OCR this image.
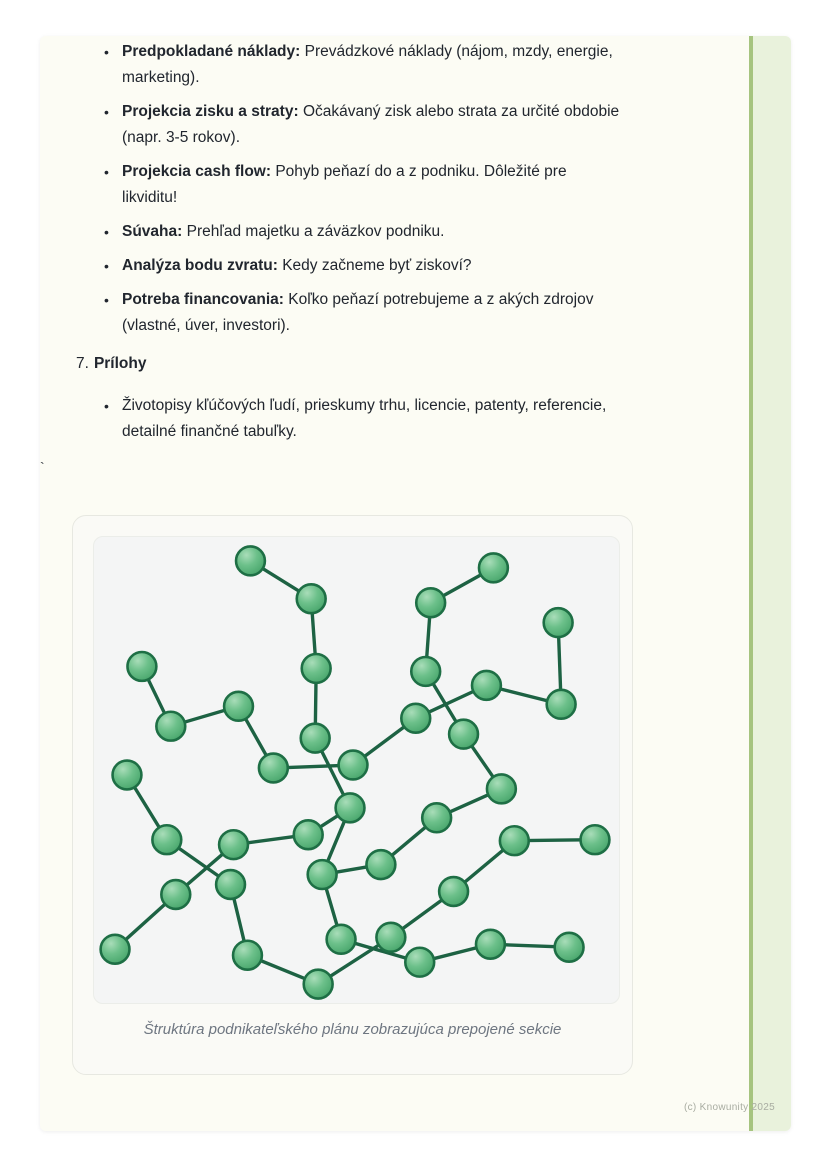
• Predpokladané náklady: Prevádzkové náklady (nájom, mzdy, energie,
marketing).
• Projekcia zisku a straty: Očakávaný zisk alebo strata za určité obdobie
(napr. 3-5 rokov).
• Projekcia cash flow: Pohyb peňazí do a z podniku. Dôležité pre
likviditu!
• Súvaha: Prehľad majetku a záväzkov podniku.
• Analýza bodu zvratu: Kedy začneme byť ziskoví?
• Potreba financovania: Koľko peňazí potrebujeme a z akých zdrojov
(vlastné, úver, investori).
7. Prílohy
• Životopisy kľúčových ľudí, prieskumy trhu, licencie, patenty, referencie,
detailné finančné tabuľky.
`
Štruktúra podnikateľského plánu zobrazujúca prepojené sekcie
(c) Knowunity 2025
